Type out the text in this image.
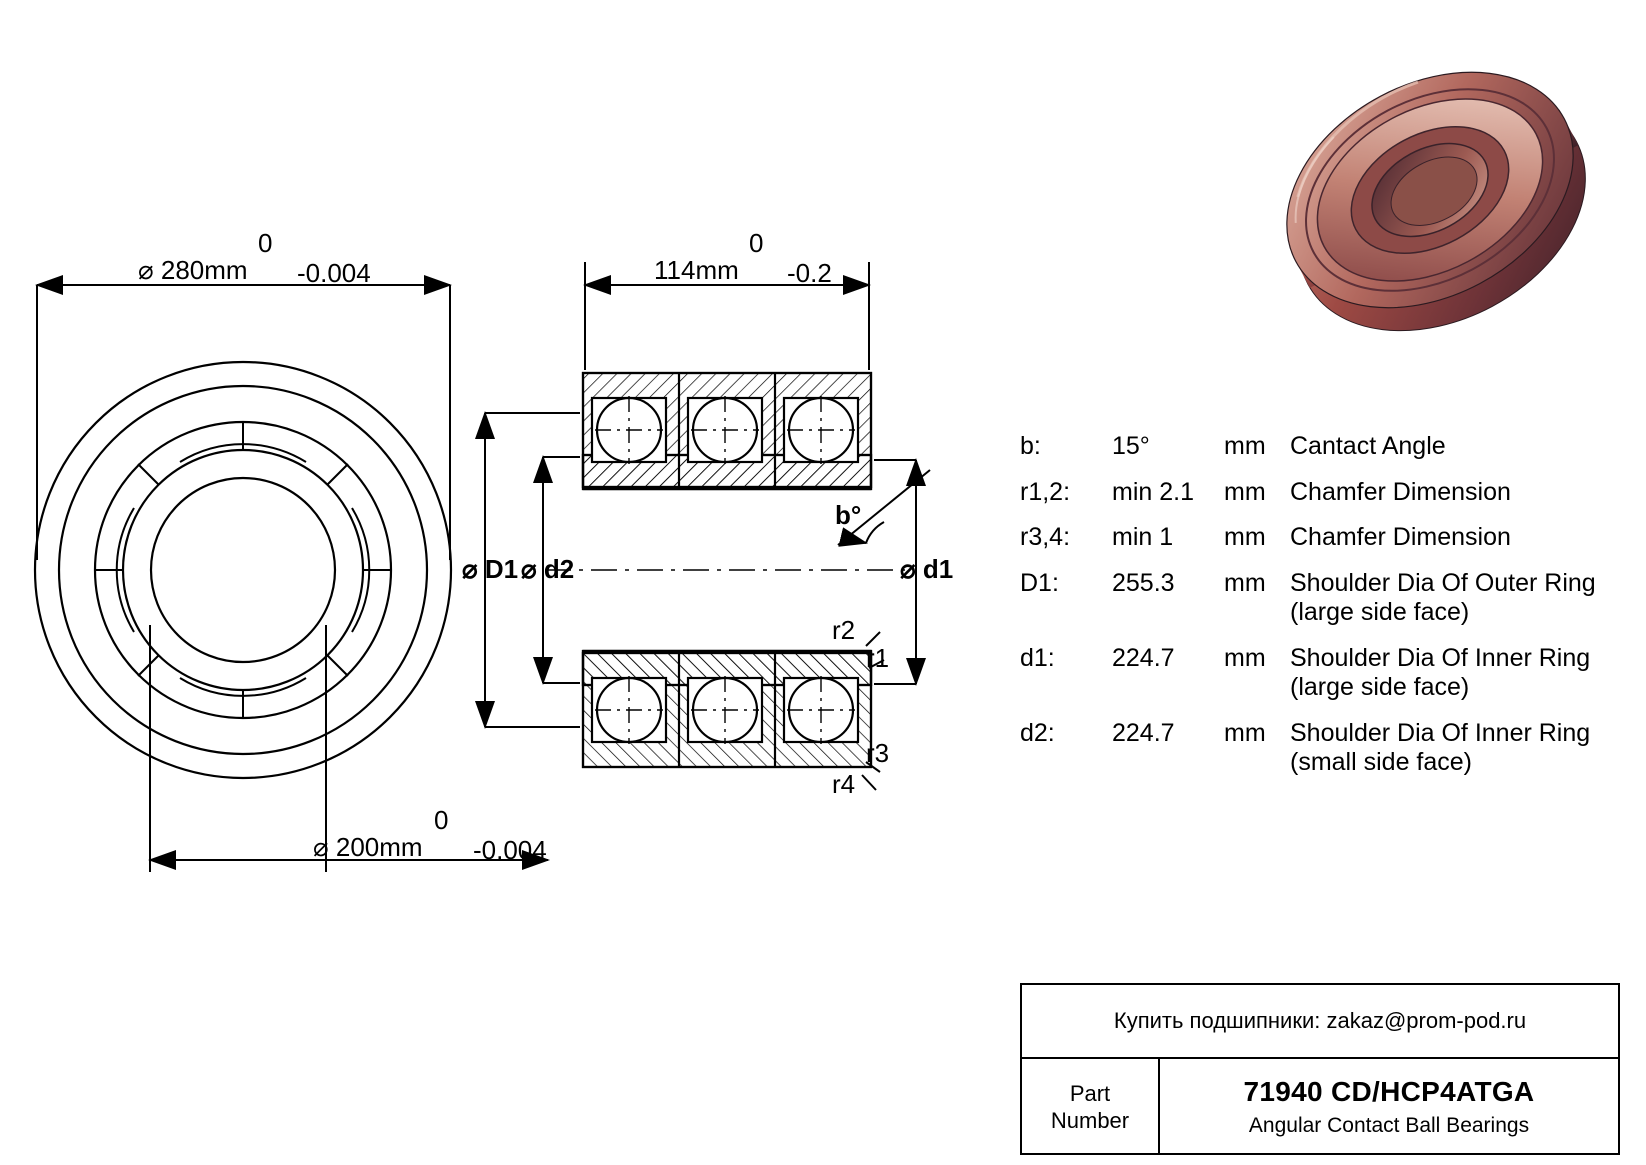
0
⌀ 280mm -0.004
0
⌀ 200mm -0.004
0
114mm -0.2
⌀ D1 ⌀ d2	⌀ d1
b°
r2
r1
r3
r4
b:	15°	mm Cantact Angle
r1,2:	min 2.1	mm Chamfer Dimension
r3,4:	min 1	mm Chamfer Dimension
D1:	255.3	mm Shoulder Dia Of Outer Ring
(large side face)
d1:	224.7	mm Shoulder Dia Of Inner Ring
(large side face)
d2:	224.7	mm Shoulder Dia Of Inner Ring
(small side face)
Купить подшипники: zakaz@prom-pod.ru
Part
Number
71940 CD/HCP4ATGA
Angular Contact Ball Bearings
